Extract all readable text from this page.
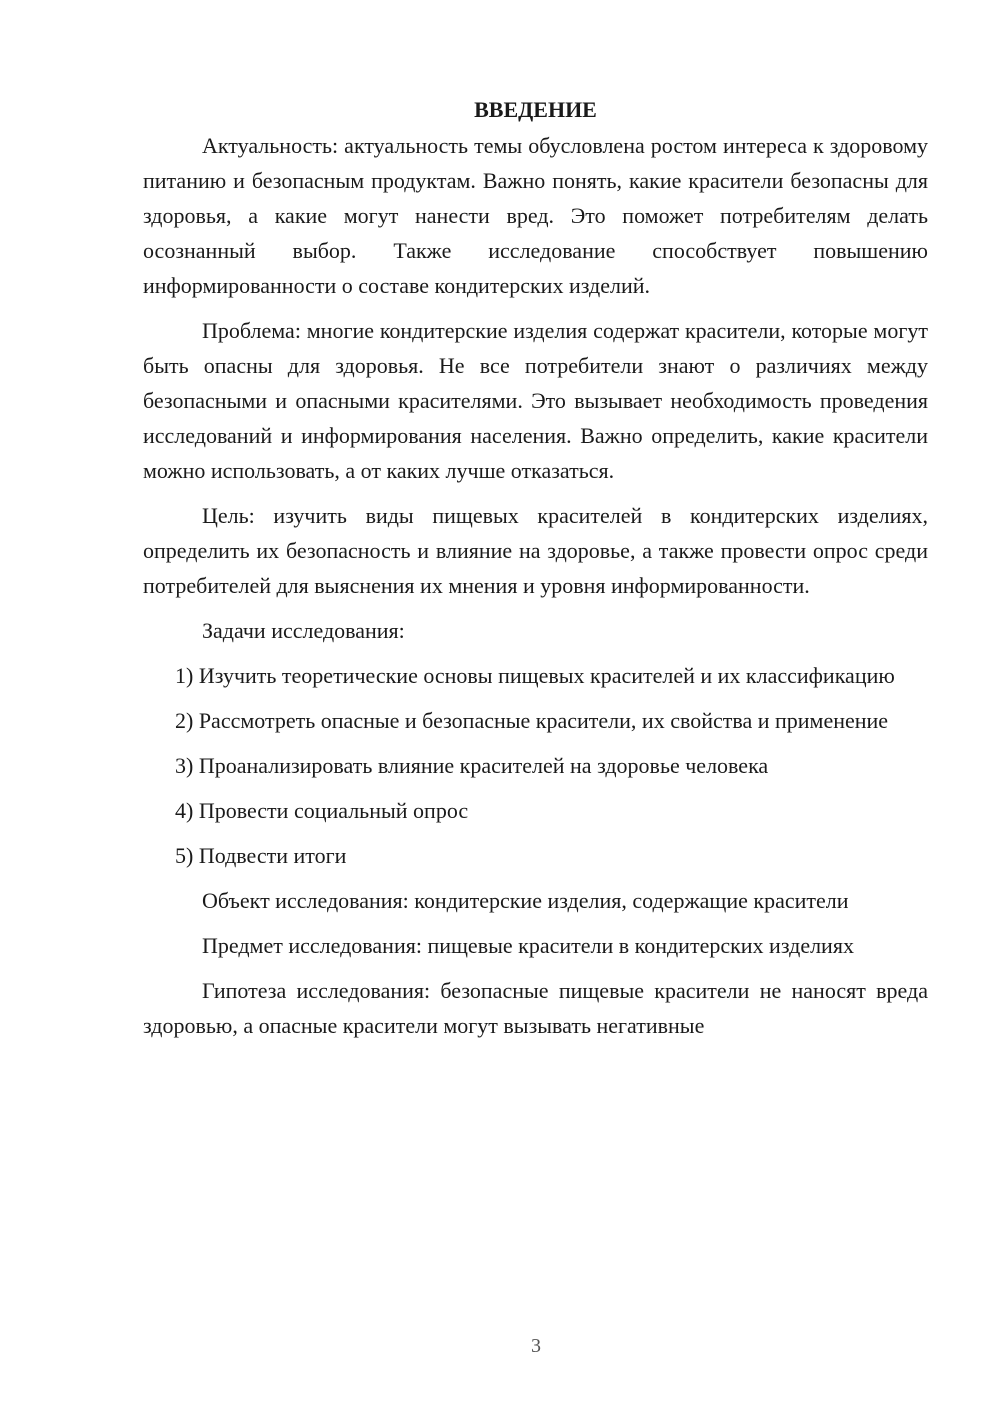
ВВЕДЕНИЕ

Актуальность: актуальность темы обусловлена ростом интереса к здоровому питанию и безопасным продуктам. Важно понять, какие красители безопасны для здоровья, а какие могут нанести вред. Это поможет потребителям делать осознанный выбор. Также исследование способствует повышению информированности о составе кондитерских изделий.

Проблема: многие кондитерские изделия содержат красители, которые могут быть опасны для здоровья. Не все потребители знают о различиях между безопасными и опасными красителями. Это вызывает необходимость проведения исследований и информирования населения. Важно определить, какие красители можно использовать, а от каких лучше отказаться.

Цель: изучить виды пищевых красителей в кондитерских изделиях, определить их безопасность и влияние на здоровье, а также провести опрос среди потребителей для выяснения их мнения и уровня информированности.

Задачи исследования:

1) Изучить теоретические основы пищевых красителей и их классификацию

2) Рассмотреть опасные и безопасные красители, их свойства и применение

3) Проанализировать влияние красителей на здоровье человека

4) Провести социальный опрос

5) Подвести итоги

Объект исследования: кондитерские изделия, содержащие красители

Предмет исследования: пищевые красители в кондитерских изделиях

Гипотеза исследования: безопасные пищевые красители не наносят вреда здоровью, а опасные красители могут вызывать негативные

3
